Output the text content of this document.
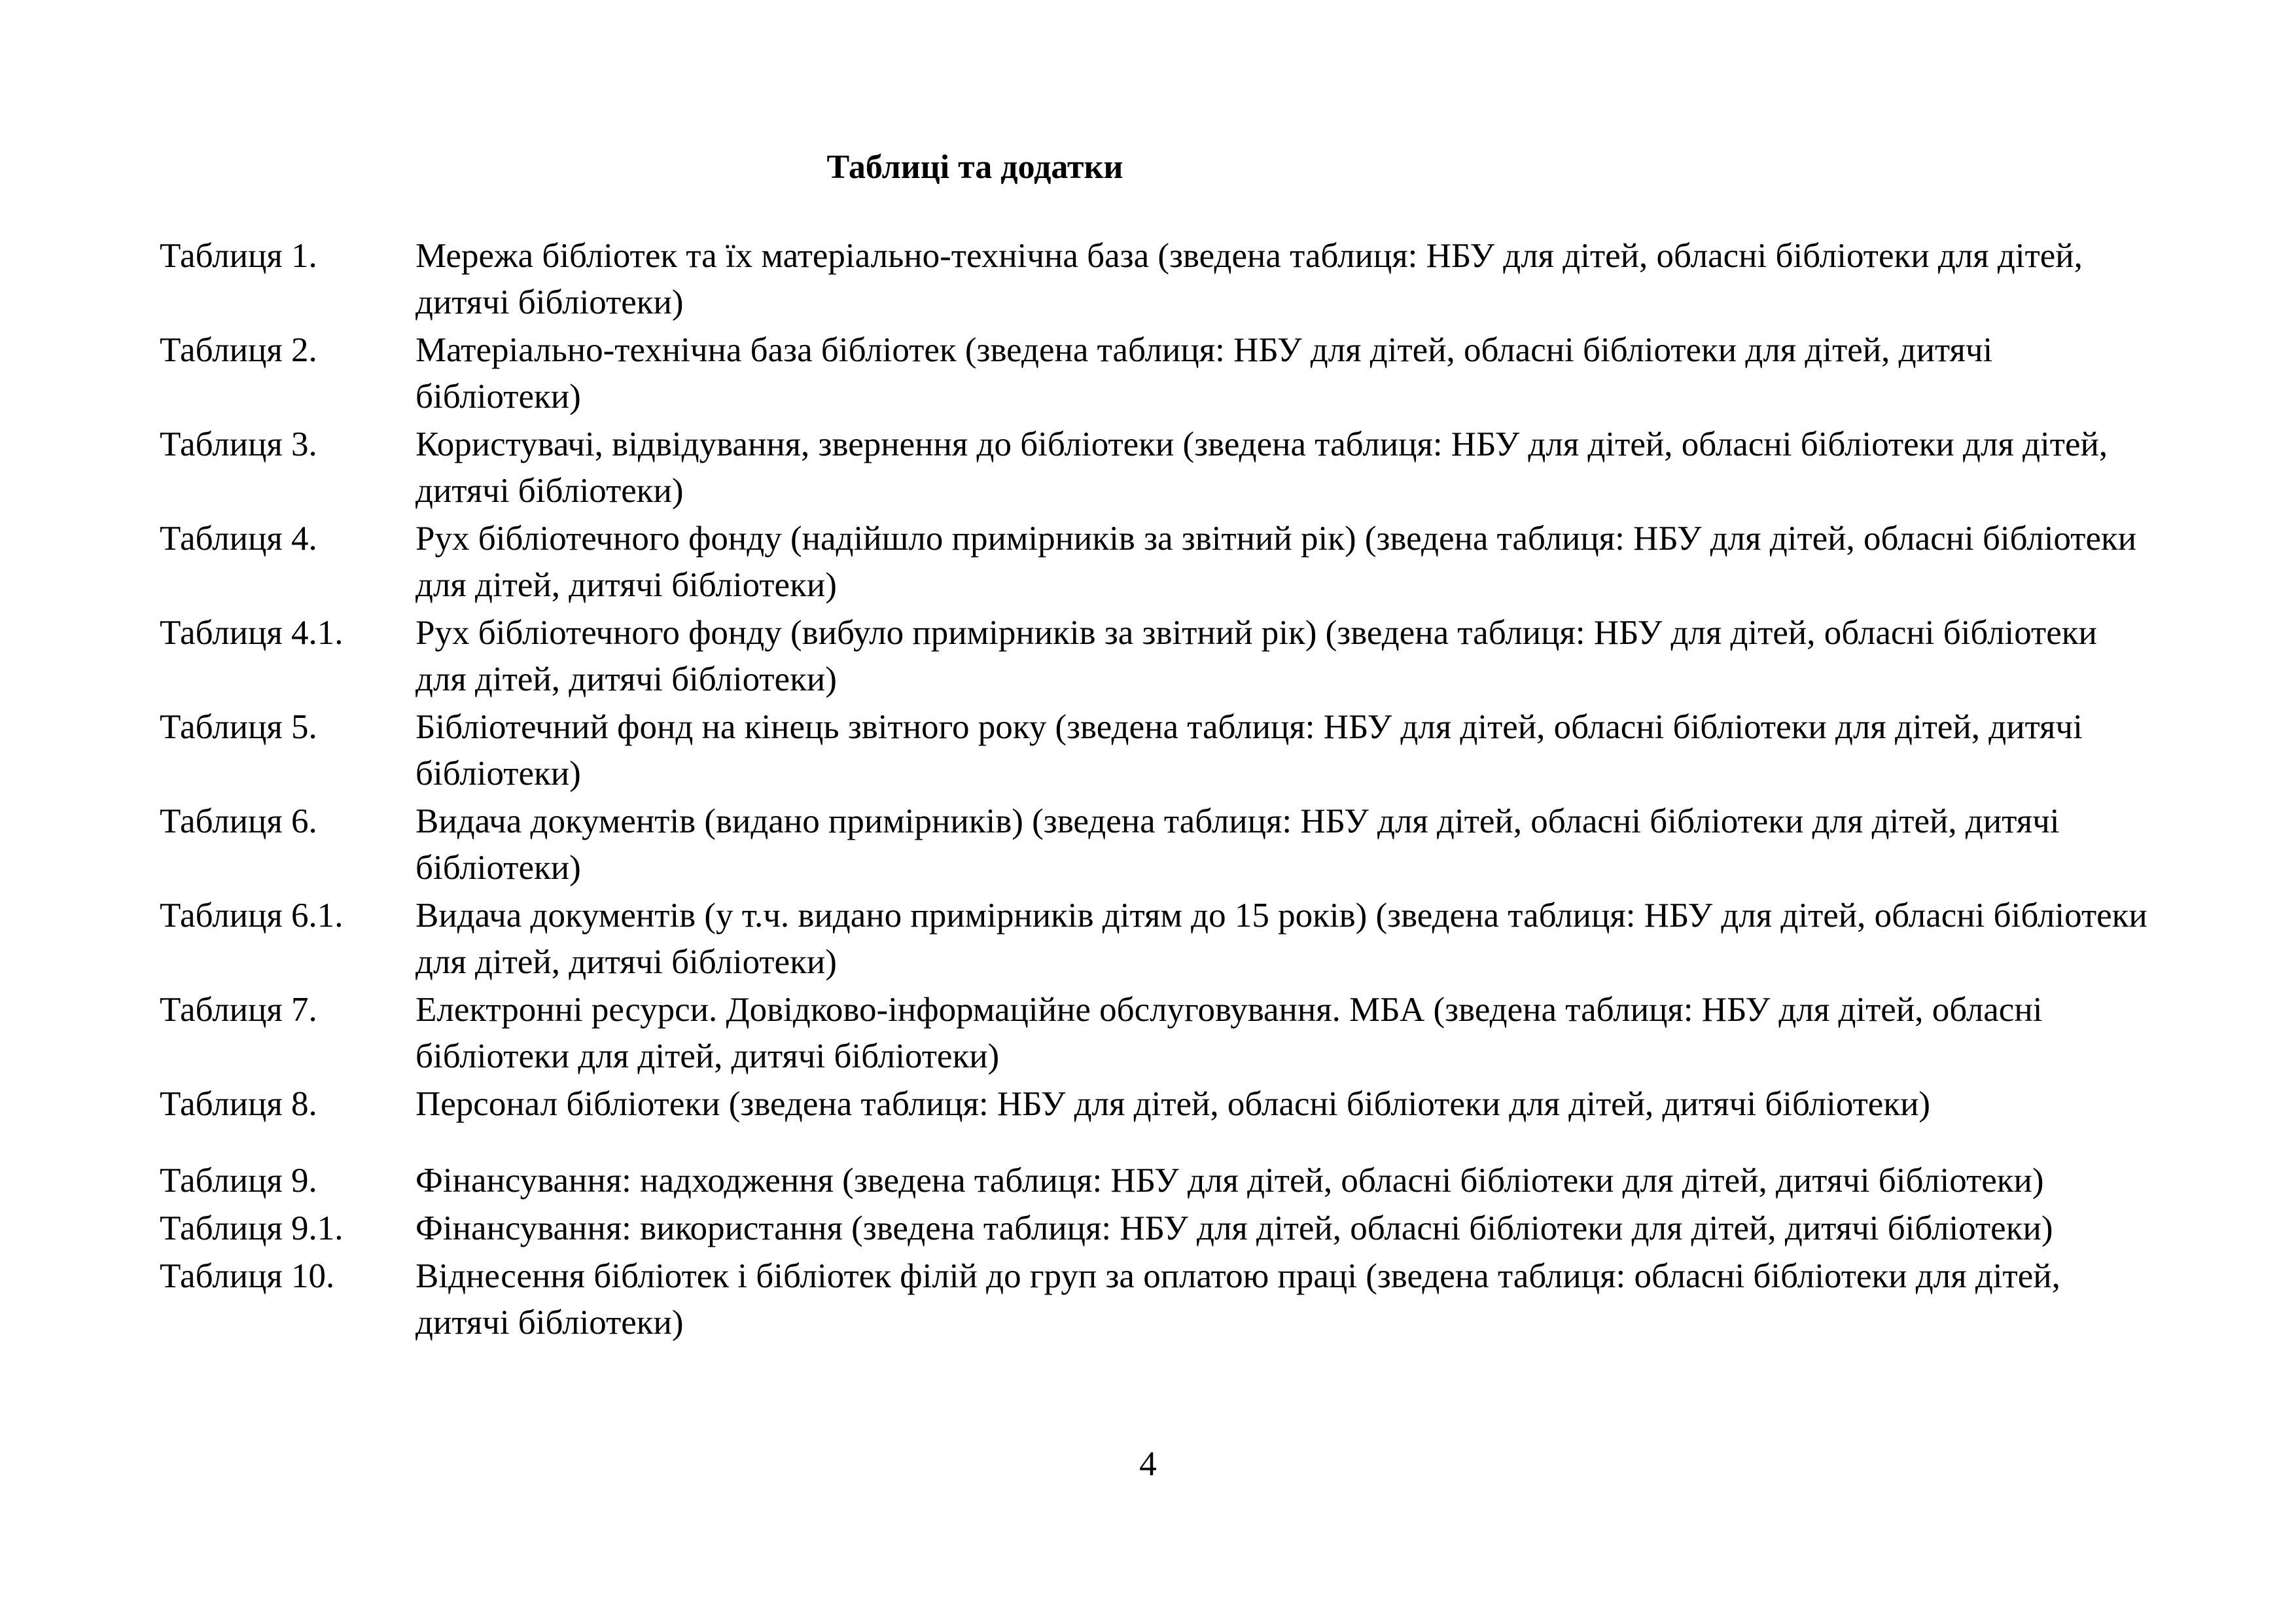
Таблиці та додатки
Таблиця 1.	Мережа бібліотек та їх матеріально-технічна база (зведена таблиця: НБУ для дітей, обласні бібліотеки для дітей, дитячі бібліотеки)
Таблиця 2.	Матеріально-технічна база бібліотек (зведена таблиця: НБУ для дітей, обласні бібліотеки для дітей, дитячі бібліотеки)
Таблиця 3.	Користувачі, відвідування, звернення до бібліотеки (зведена таблиця: НБУ для дітей, обласні бібліотеки для дітей, дитячі бібліотеки)
Таблиця 4.	Рух бібліотечного фонду (надійшло примірників за звітний рік) (зведена таблиця: НБУ для дітей, обласні бібліотеки для дітей, дитячі бібліотеки)
Таблиця 4.1.	Рух бібліотечного фонду (вибуло примірників за звітний рік) (зведена таблиця: НБУ для дітей, обласні бібліотеки для дітей, дитячі бібліотеки)
Таблиця 5.	Бібліотечний фонд на кінець звітного року (зведена таблиця: НБУ для дітей, обласні бібліотеки для дітей, дитячі бібліотеки)
Таблиця 6.	Видача документів (видано примірників) (зведена таблиця: НБУ для дітей, обласні бібліотеки для дітей, дитячі бібліотеки)
Таблиця 6.1.	Видача документів (у т.ч. видано примірників дітям до 15 років) (зведена таблиця: НБУ для дітей, обласні бібліотеки для дітей, дитячі бібліотеки)
Таблиця 7.	Електронні ресурси. Довідково-інформаційне обслуговування. МБА (зведена таблиця: НБУ для дітей, обласні бібліотеки для дітей, дитячі бібліотеки)
Таблиця 8.	Персонал бібліотеки (зведена таблиця: НБУ для дітей, обласні бібліотеки для дітей, дитячі бібліотеки)
Таблиця 9.	Фінансування: надходження (зведена таблиця: НБУ для дітей, обласні бібліотеки для дітей, дитячі бібліотеки)
Таблиця 9.1.	Фінансування: використання (зведена таблиця: НБУ для дітей, обласні бібліотеки для дітей, дитячі бібліотеки)
Таблиця 10.	Віднесення бібліотек і бібліотек філій до груп за оплатою праці (зведена таблиця: обласні бібліотеки для дітей, дитячі бібліотеки)
4
